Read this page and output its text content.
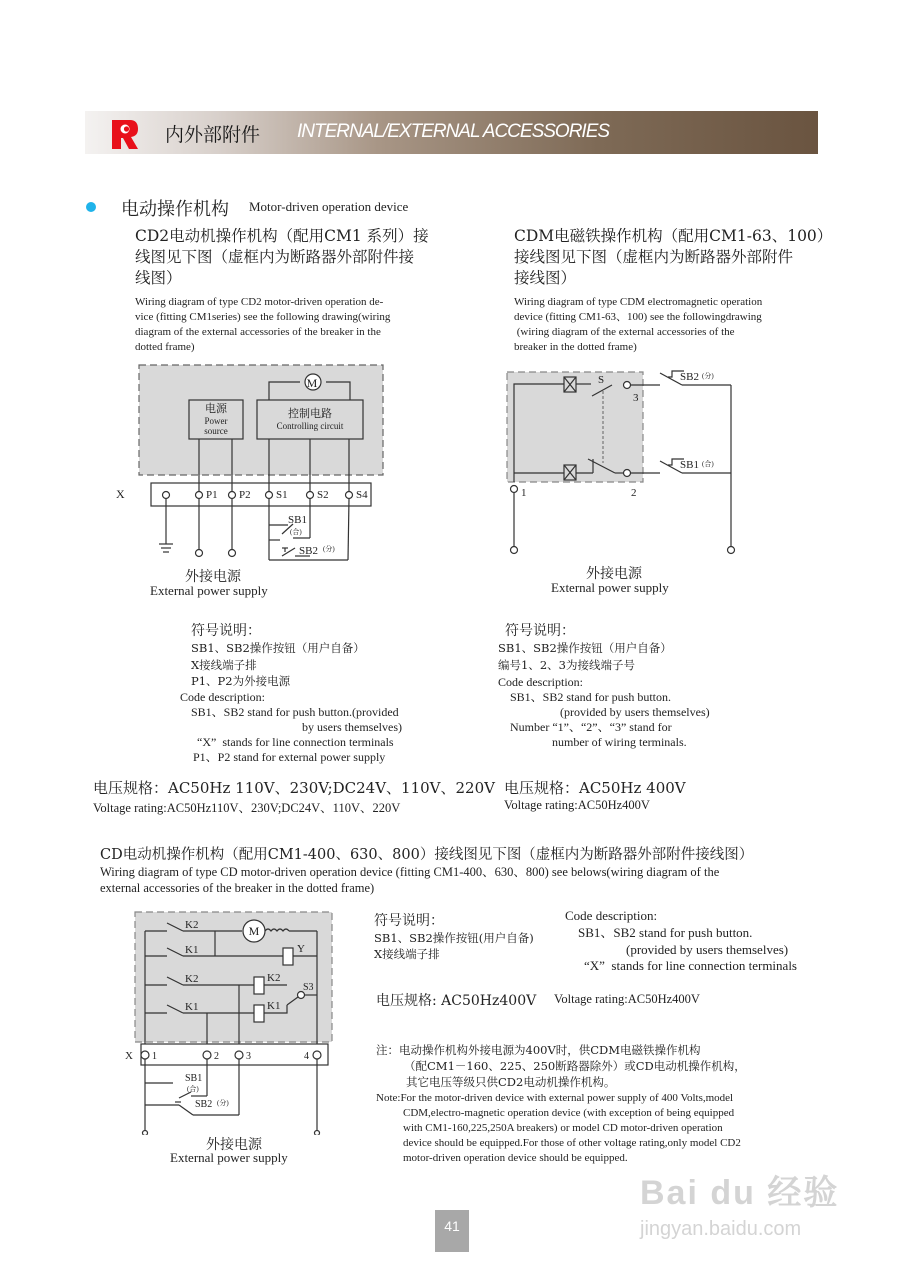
内外部附件 INTERNAL/EXTERNAL ACCESSORIES
电动操作机构 Motor-driven operation device
CD2电动机操作机构（配用CM1 系列）接
线图见下图（虚框内为断路器外部附件接
线图）
Wiring diagram of type CD2 motor-driven operation de-
vice (fitting CM1series) see the following drawing(wiring
diagram of the external accessories of the breaker in the
dotted frame)
CDM电磁铁操作机构（配用CM1-63、100）
接线图见下图（虚框内为断路器外部附件
接线图）
Wiring diagram of type CDM electromagnetic operation
device (fitting CM1-63、100) see the followingdrawing
(wiring diagram of the external accessories of the
breaker in the dotted frame)
M
电源
Power
source
控制电路
Controlling circuit
X	P1 P2 S1	S2 S4
SB1
(合)
SB2 (分)
外接电源
External power supply
S
3
1	2
SB2 (分)
SB1 (合)
外接电源
External power supply
符号说明：
SB1、SB2操作按钮（用户自备）
X接线端子排
P1、P2为外接电源
Code description:
SB1、SB2 stand for push button.(provided
by users themselves)
“X”  stands for line connection terminals
P1、P2 stand for external power supply
符号说明：
SB1、SB2操作按钮（用户自备）
编号1、2、3为接线端子号
Code description:
SB1、SB2 stand for push button.
(provided by users themselves)
Number “1”、“2”、“3” stand for
number of wiring terminals.
电压规格：AC50Hz 110V、230V;DC24V、110V、220V
Voltage rating:AC50Hz110V、230V;DC24V、110V、220V
电压规格：AC50Hz 400V
Voltage rating:AC50Hz400V
CD电动机操作机构（配用CM1-400、630、800）接线图见下图（虚框内为断路器外部附件接线图）
Wiring diagram of type CD motor-driven operation device (fitting CM1-400、630、800) see belows(wiring diagram of the
external accessories of the breaker in the dotted frame)
K2
K1
K2
K1
M
Y
K2
K1
S3
X 1	2	3	4
SB1
(合)
SB2 (分)
外接电源
External power supply
符号说明：
SB1、SB2操作按钮(用户自备)
X接线端子排
Code description:
SB1、SB2 stand for push button.
(provided by users themselves)
“X”  stands for line connection terminals
电压规格: AC50Hz400V Voltage rating:AC50Hz400V
注：电动操作机构外接电源为400V时，供CDM电磁铁操作机构
（配CM1－160、225、250断路器除外）或CD电动机操作机构，
其它电压等级只供CD2电动机操作机构。
Note:For the motor-driven device with external power supply of 400 Volts,model
CDM,electro-magnetic operation device (with exception of being equipped
with CM1-160,225,250A breakers) or model CD motor-driven operation
device should be equipped.For those of other voltage rating,only model CD2
motor-driven operation device should be equipped.
41
Bai du 经验
jingyan.baidu.com
